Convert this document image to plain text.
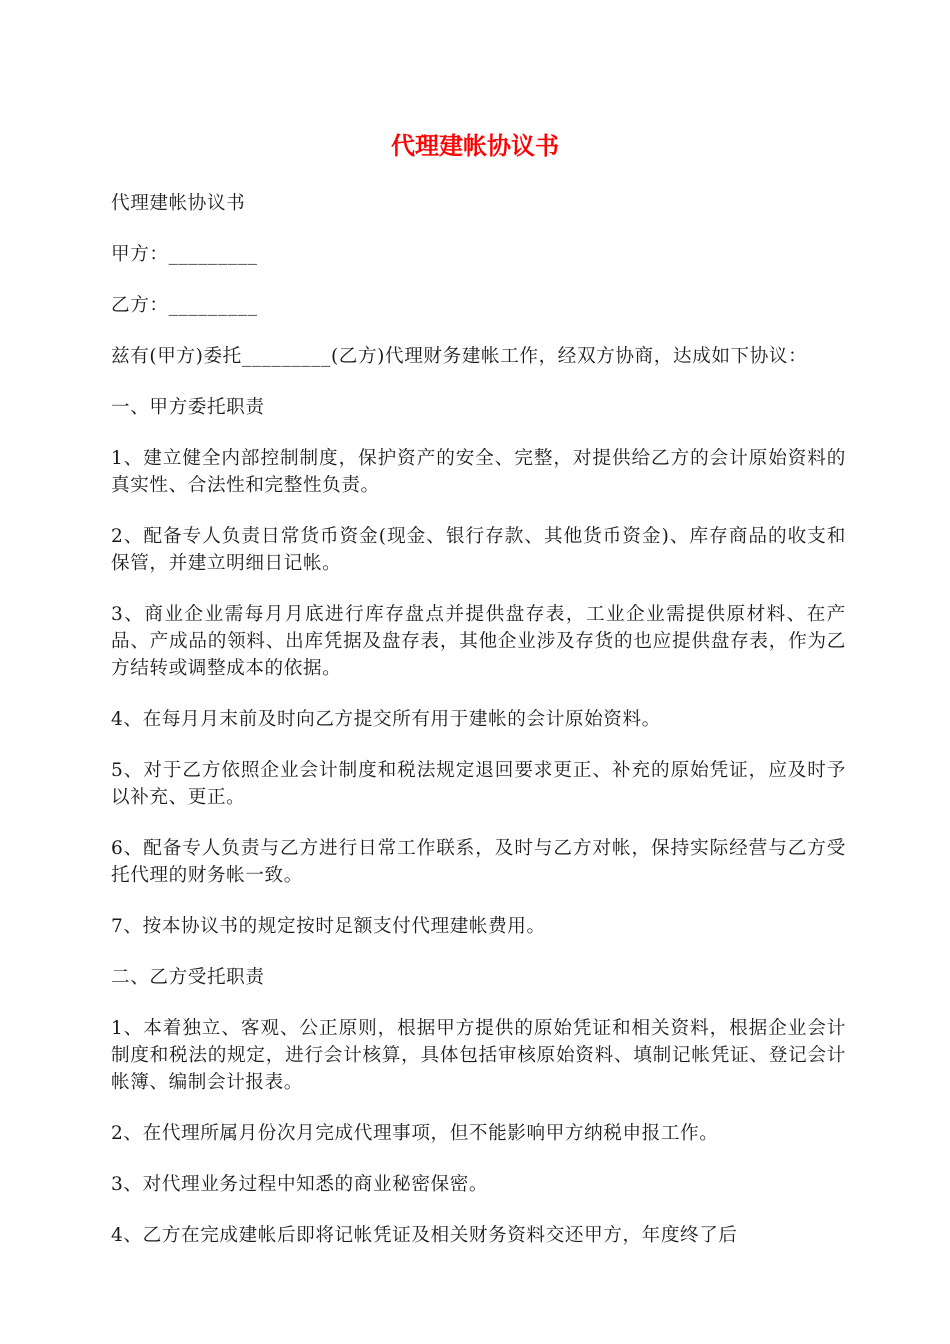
代理建帐协议书

代理建帐协议书

甲方：_________

乙方：_________

兹有(甲方)委托_________(乙方)代理财务建帐工作，经双方协商，达成如下协议：

一、甲方委托职责

1、建立健全内部控制制度，保护资产的安全、完整，对提供给乙方的会计原始资料的真实性、合法性和完整性负责。

2、配备专人负责日常货币资金(现金、银行存款、其他货币资金)、库存商品的收支和保管，并建立明细日记帐。

3、商业企业需每月月底进行库存盘点并提供盘存表，工业企业需提供原材料、在产品、产成品的领料、出库凭据及盘存表，其他企业涉及存货的也应提供盘存表，作为乙方结转或调整成本的依据。

4、在每月月末前及时向乙方提交所有用于建帐的会计原始资料。

5、对于乙方依照企业会计制度和税法规定退回要求更正、补充的原始凭证，应及时予以补充、更正。

6、配备专人负责与乙方进行日常工作联系，及时与乙方对帐，保持实际经营与乙方受托代理的财务帐一致。

7、按本协议书的规定按时足额支付代理建帐费用。

二、乙方受托职责

1、本着独立、客观、公正原则，根据甲方提供的原始凭证和相关资料，根据企业会计制度和税法的规定，进行会计核算，具体包括审核原始资料、填制记帐凭证、登记会计帐簿、编制会计报表。

2、在代理所属月份次月完成代理事项，但不能影响甲方纳税申报工作。

3、对代理业务过程中知悉的商业秘密保密。

4、乙方在完成建帐后即将记帐凭证及相关财务资料交还甲方，年度终了后
